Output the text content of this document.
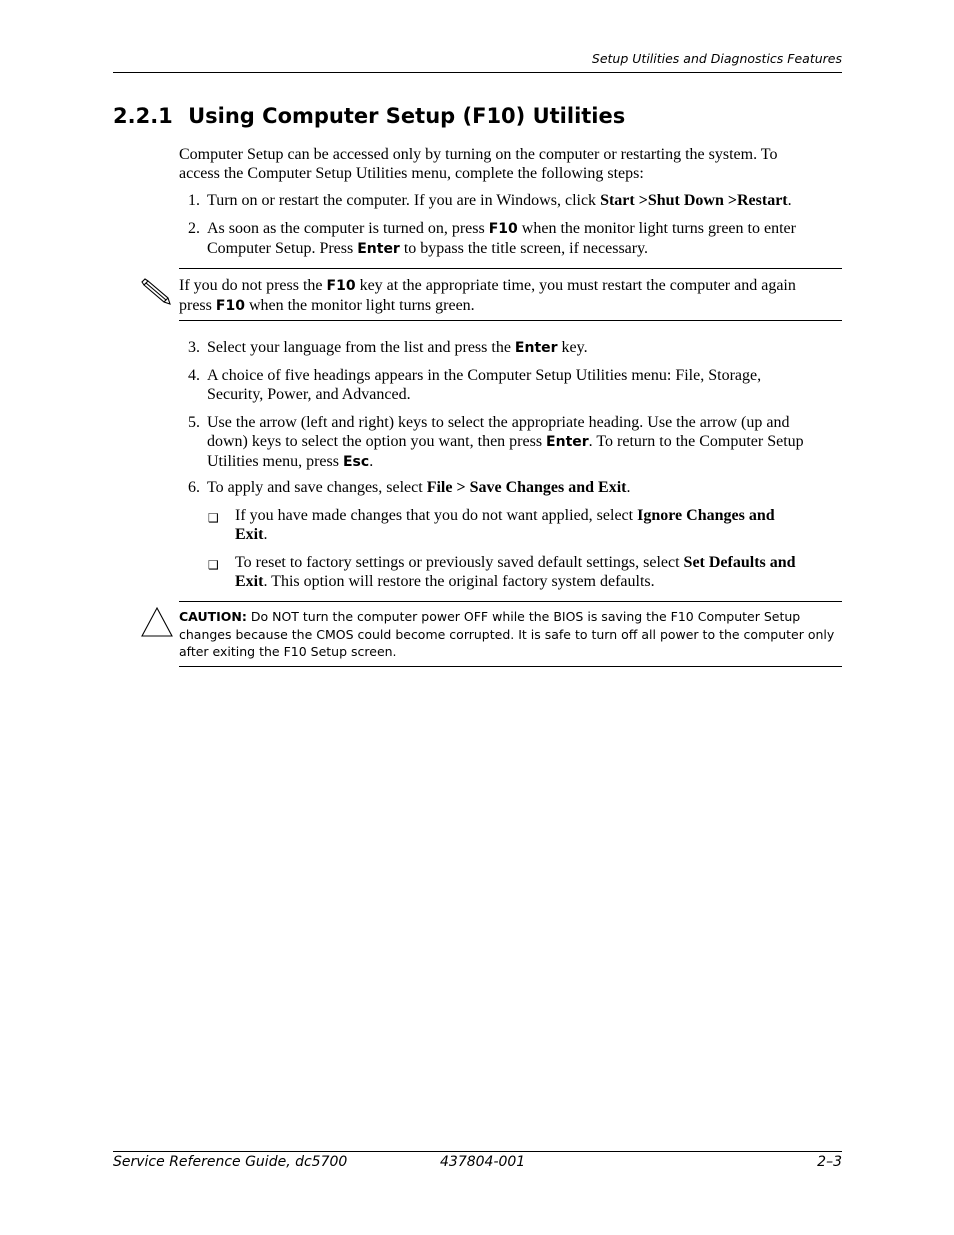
Setup Utilities and Diagnostics Features
2.2.1 Using Computer Setup (F10) Utilities
Computer Setup can be accessed only by turning on the computer or restarting the system. To
access the Computer Setup Utilities menu, complete the following steps:
1. Turn on or restart the computer. If you are in Windows, click Start >Shut Down >Restart.
2. As soon as the computer is turned on, press F10 when the monitor light turns green to enter
Computer Setup. Press Enter to bypass the title screen, if necessary.
If you do not press the F10 key at the appropriate time, you must restart the computer and again
press F10 when the monitor light turns green.
3. Select your language from the list and press the Enter key.
4. A choice of five headings appears in the Computer Setup Utilities menu: File, Storage,
Security, Power, and Advanced.
5. Use the arrow (left and right) keys to select the appropriate heading. Use the arrow (up and
down) keys to select the option you want, then press Enter. To return to the Computer Setup
Utilities menu, press Esc.
6. To apply and save changes, select File > Save Changes and Exit.
❑ If you have made changes that you do not want applied, select Ignore Changes and
Exit.
❑ To reset to factory settings or previously saved default settings, select Set Defaults and
Exit. This option will restore the original factory system defaults.
CAUTION: Do NOT turn the computer power OFF while the BIOS is saving the F10 Computer Setup
changes because the CMOS could become corrupted. It is safe to turn off all power to the computer only
after exiting the F10 Setup screen.
Service Reference Guide, dc5700	437804-001	2–3
